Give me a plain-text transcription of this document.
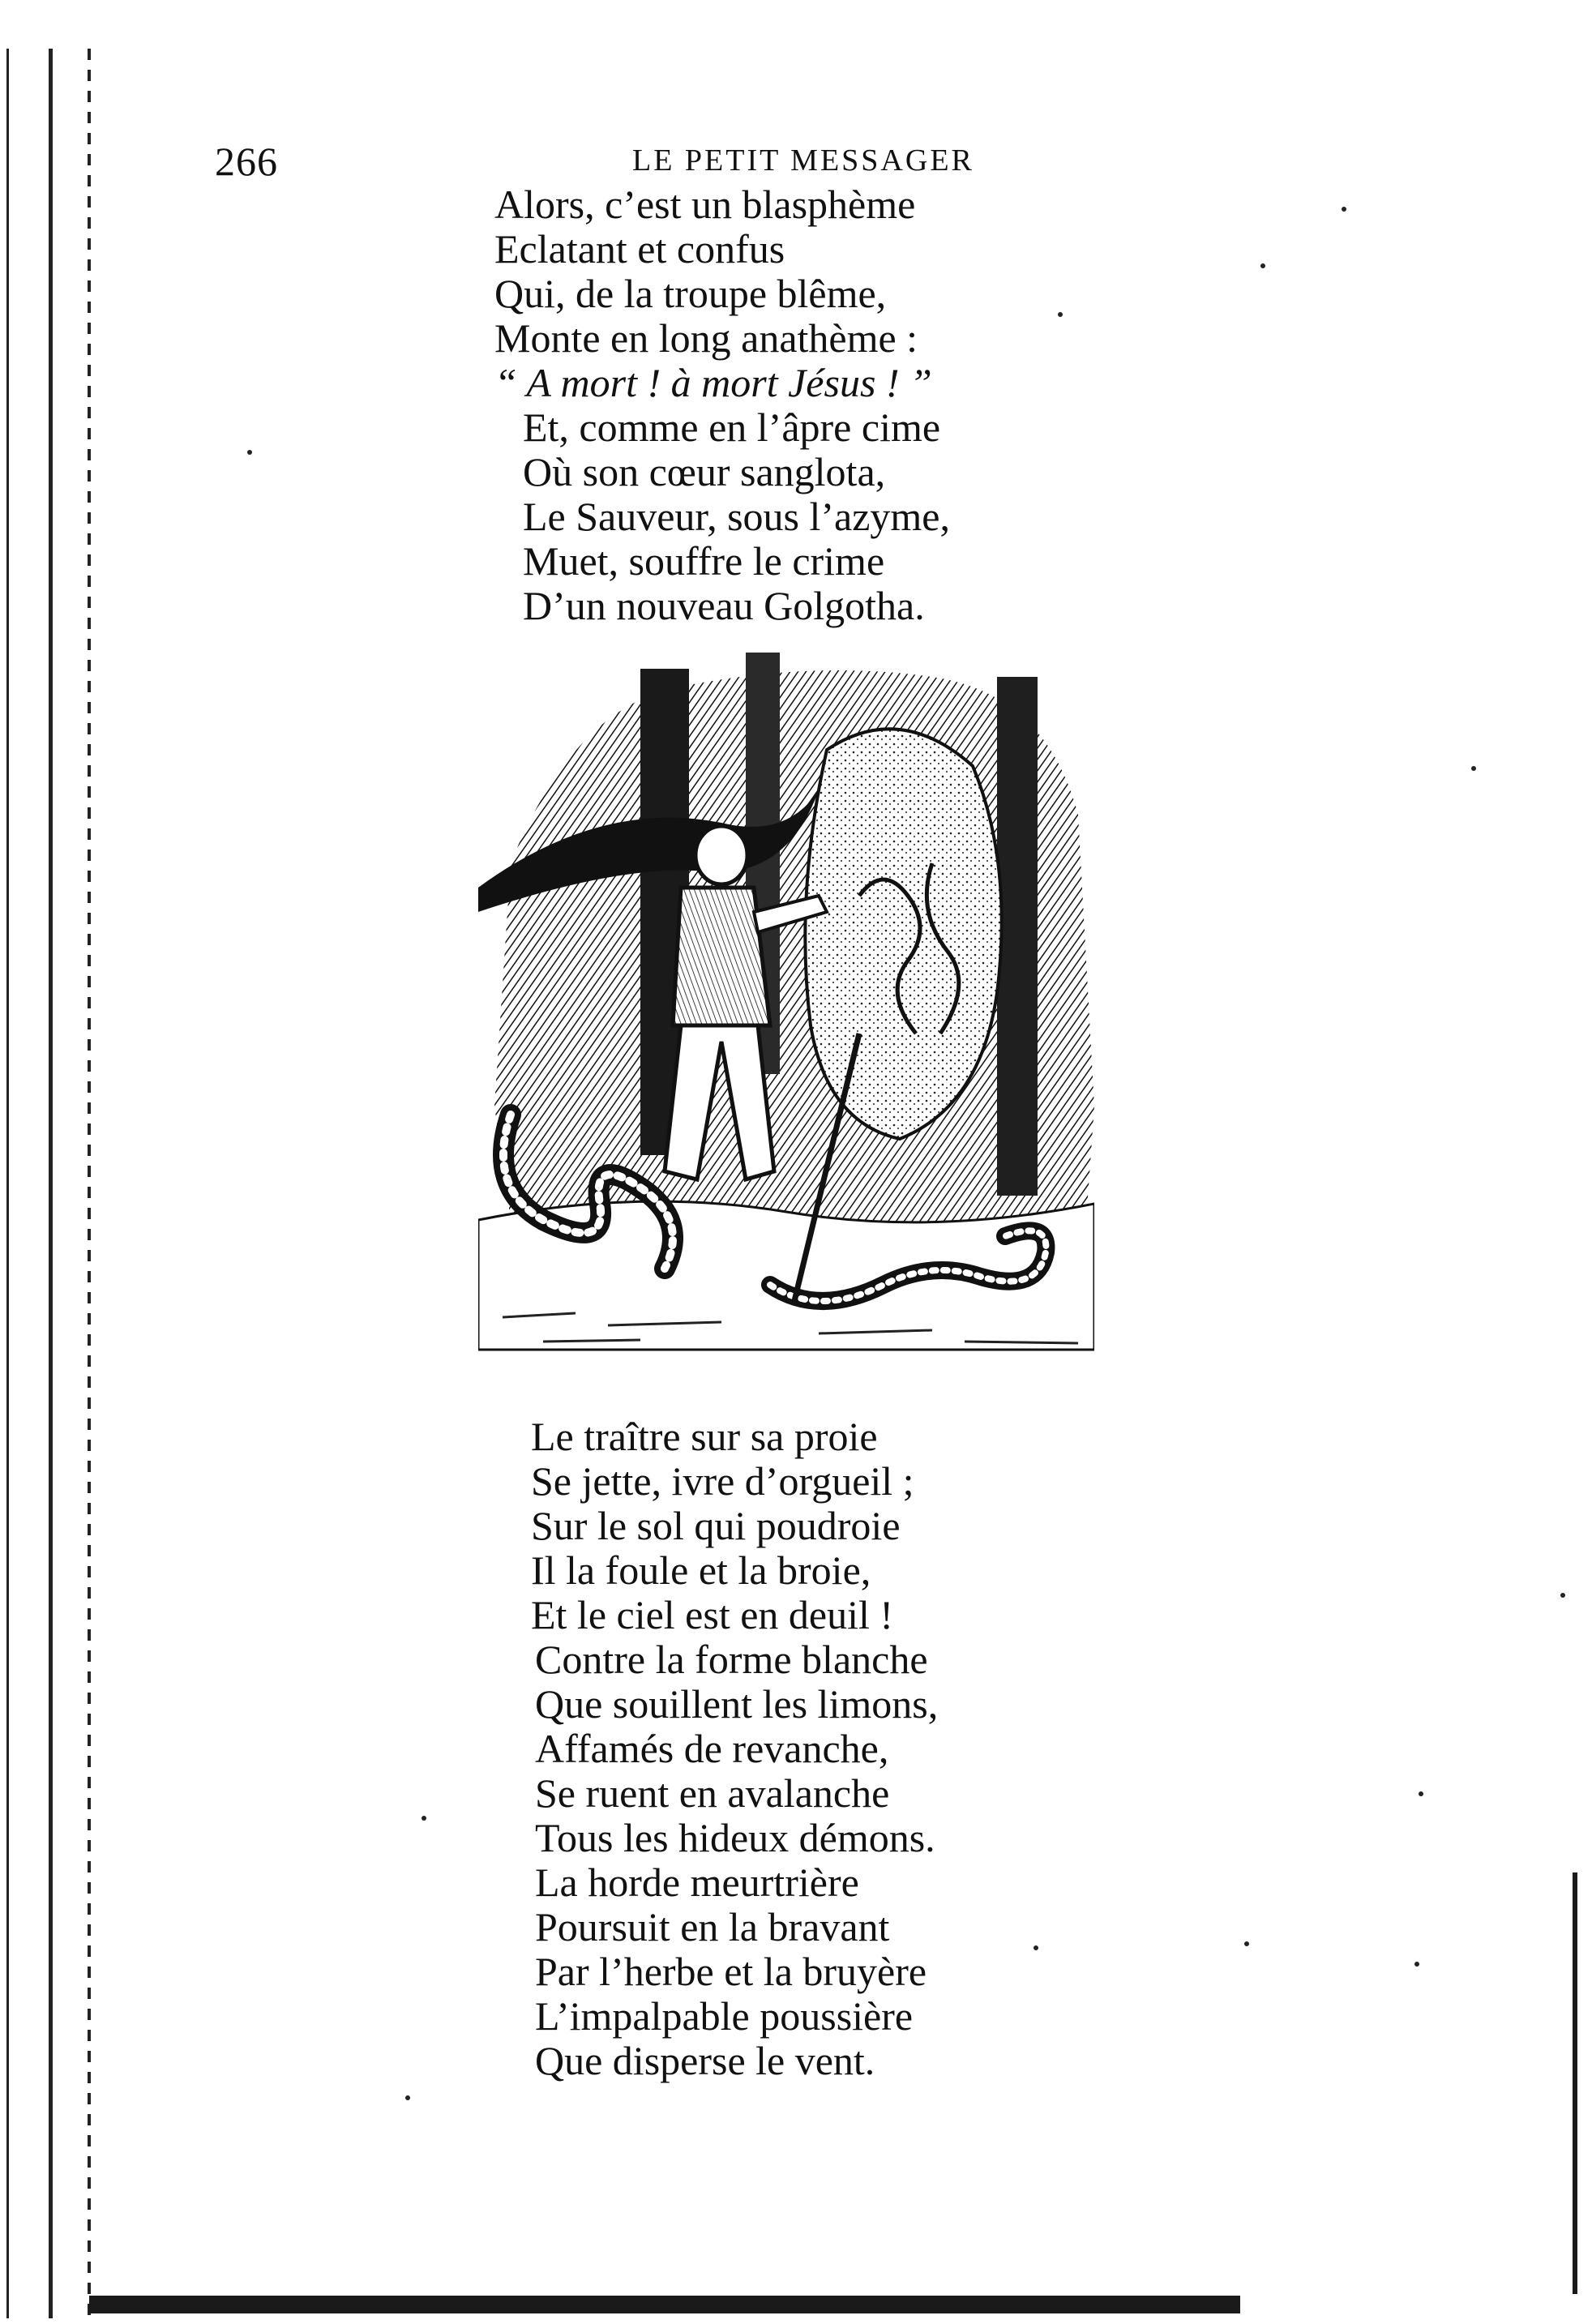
266	LE PETIT MESSAGER
Alors, c’est un blasphème
Eclatant et confus
Qui, de la troupe blême,
Monte en long anathème :
“ A mort ! à mort Jésus ! ”
Et, comme en l’âpre cime
Où son cœur sanglota,
Le Sauveur, sous l’azyme,
Muet, souffre le crime
D’un nouveau Golgotha.
Le traître sur sa proie
Se jette, ivre d’orgueil ;
Sur le sol qui poudroie
Il la foule et la broie,
Et le ciel est en deuil !
Contre la forme blanche
Que souillent les limons,
Affamés de revanche,
Se ruent en avalanche
Tous les hideux démons.
La horde meurtrière
Poursuit en la bravant
Par l’herbe et la bruyère
L’impalpable poussière
Que disperse le vent.
